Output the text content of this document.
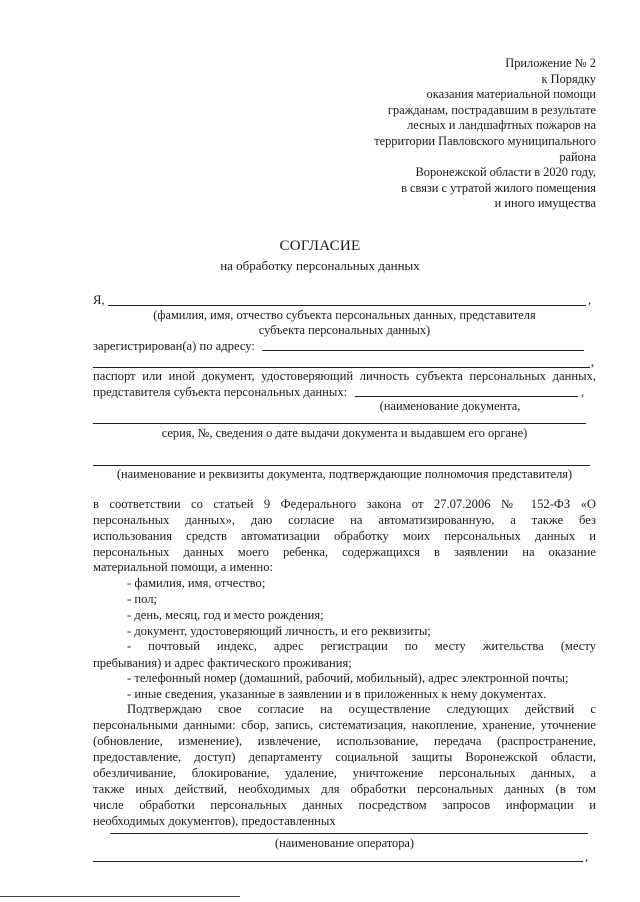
Приложение № 2
к Порядку
оказания материальной помощи
гражданам, пострадавшим в результате
лесных и ландшафтных пожаров на
территории Павловского муниципального
района
Воронежской области в 2020 году,
в связи с утратой жилого помещения
и иного имущества
СОГЛАСИЕ
на обработку персональных данных
Я,	,
(фамилия, имя, отчество субъекта персональных данных, представителя
субъекта персональных данных)
зарегистрирован(а) по адресу:
,
паспорт или иной документ, удостоверяющий личность субъекта персональных данных,
представителя субъекта персональных данных:	,
(наименование документа,
серия, №, сведения о дате выдачи документа и выдавшем его органе)
(наименование и реквизиты документа, подтверждающие полномочия представителя)
в соответствии со статьей 9 Федерального закона от 27.07.2006 № 152-ФЗ «О
персональных данных», даю согласие на автоматизированную, а также без
использования средств автоматизации обработку моих персональных данных и
персональных данных моего ребенка, содержащихся в заявлении на оказание
материальной помощи, а именно:
- фамилия, имя, отчество;
- пол;
- день, месяц, год и место рождения;
- документ, удостоверяющий личность, и его реквизиты;
- почтовый индекс, адрес регистрации по месту жительства (месту
пребывания) и адрес фактического проживания;
- телефонный номер (домашний, рабочий, мобильный), адрес электронной почты;
- иные сведения, указанные в заявлении и в приложенных к нему документах.
Подтверждаю свое согласие на осуществление следующих действий с
персональными данными: сбор, запись, систематизация, накопление, хранение, уточнение
(обновление, изменение), извлечение, использование, передача (распространение,
предоставление, доступ) департаменту социальной защиты Воронежской области,
обезличивание, блокирование, удаление, уничтожение персональных данных, а
также иных действий, необходимых для обработки персональных данных (в том
числе обработки персональных данных посредством запросов информации и
необходимых документов), предоставленных
(наименование оператора)
,
